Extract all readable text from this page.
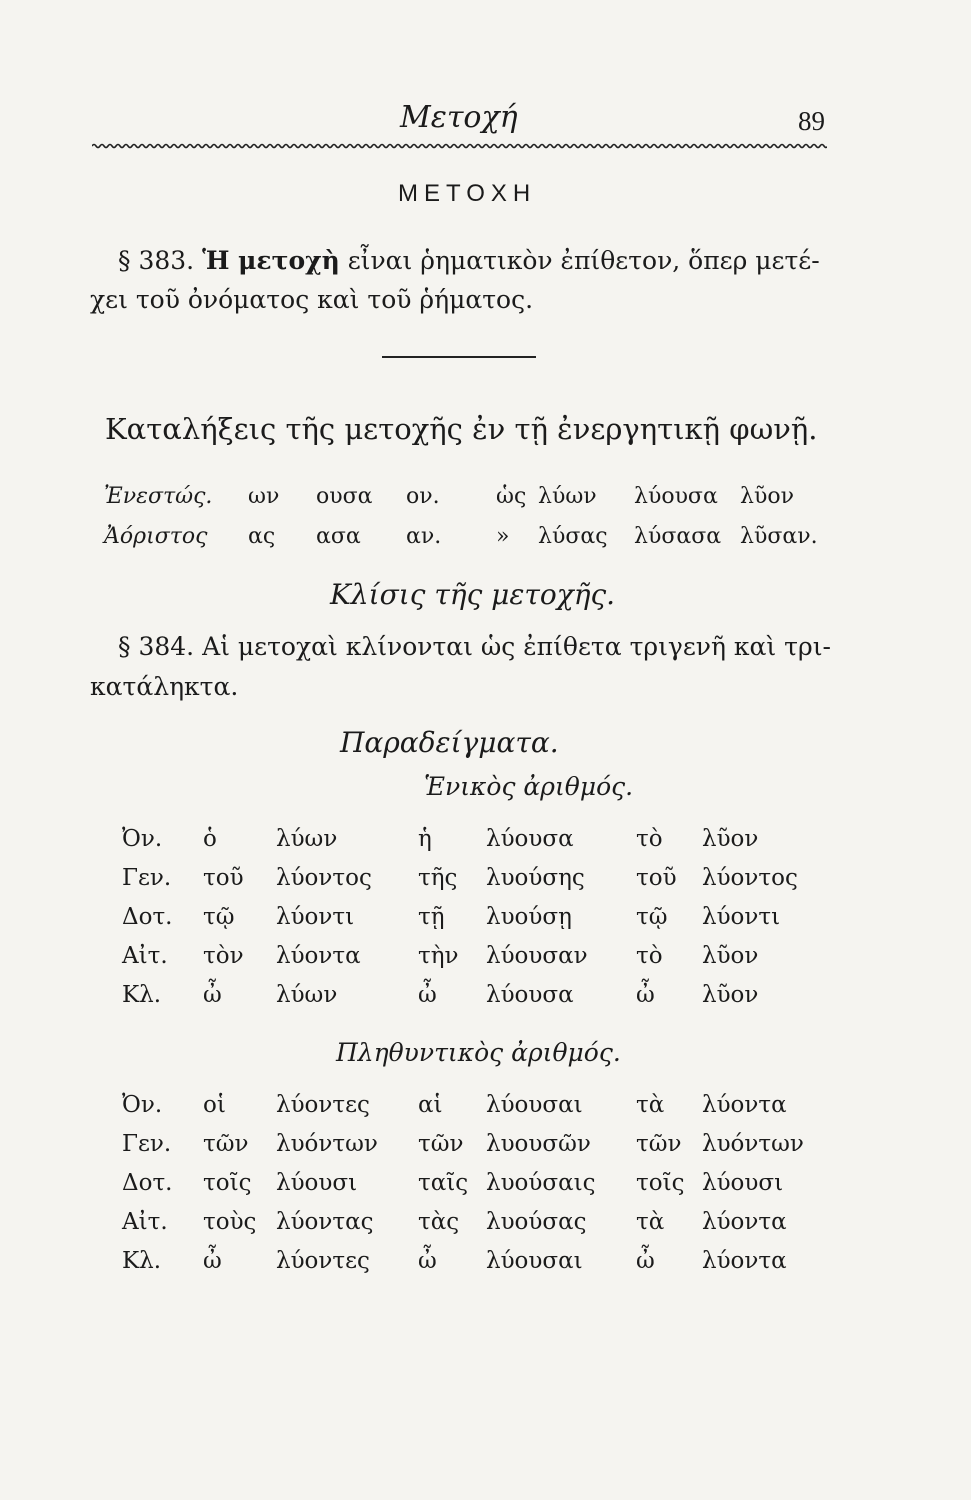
Μετοχή	89
ΜΕΤΟΧΗ
§ 383. Ἡ μετοχὴ εἶναι ῥηματικὸν ἐπίθετον, ὅπερ μετέ-
χει τοῦ ὀνόματος καὶ τοῦ ῥήματος.
Καταλήξεις τῆς μετοχῆς ἐν τῇ ἐνεργητικῇ φωνῇ.
Ἐνεστώς. ων ουσα ον.	ὡς λύων λύουσα λῦον
Ἀόριστος ας ασα αν. » λύσας λύσασα λῦσαν.
Κλίσις τῆς μετοχῆς.
§ 384. Αἱ μετοχαὶ κλίνονται ὡς ἐπίθετα τριγενῆ καὶ τρι-
κατάληκτα.
Παραδείγματα.
Ἑνικὸς ἀριθμός.
Ὀν. ὁ	λύων	ἡ λύουσα	τὸ λῦον
Γεν. τοῦ λύοντος τῆς λυούσης τοῦ λύοντος
Δοτ. τῷ λύοντι	τῇ λυούσῃ	τῷ λύοντι
Αἰτ. τὸν λύοντα τὴν λύουσαν τὸ λῦον
Κλ. ὦ λύων	ὦ λύουσα	ὦ λῦον
Πληθυντικὸς ἀριθμός.
Ὀν. οἱ λύοντες αἱ λύουσαι τὰ λύοντα
Γεν. τῶν λυόντων τῶν λυουσῶν τῶν λυόντων
Δοτ. τοῖς λύουσι	ταῖς λυούσαις τοῖς λύουσι
Αἰτ. τοὺς λύοντας τὰς λυούσας τὰ λύοντα
Κλ. ὦ λύοντες ὦ λύουσαι ὦ λύοντα
